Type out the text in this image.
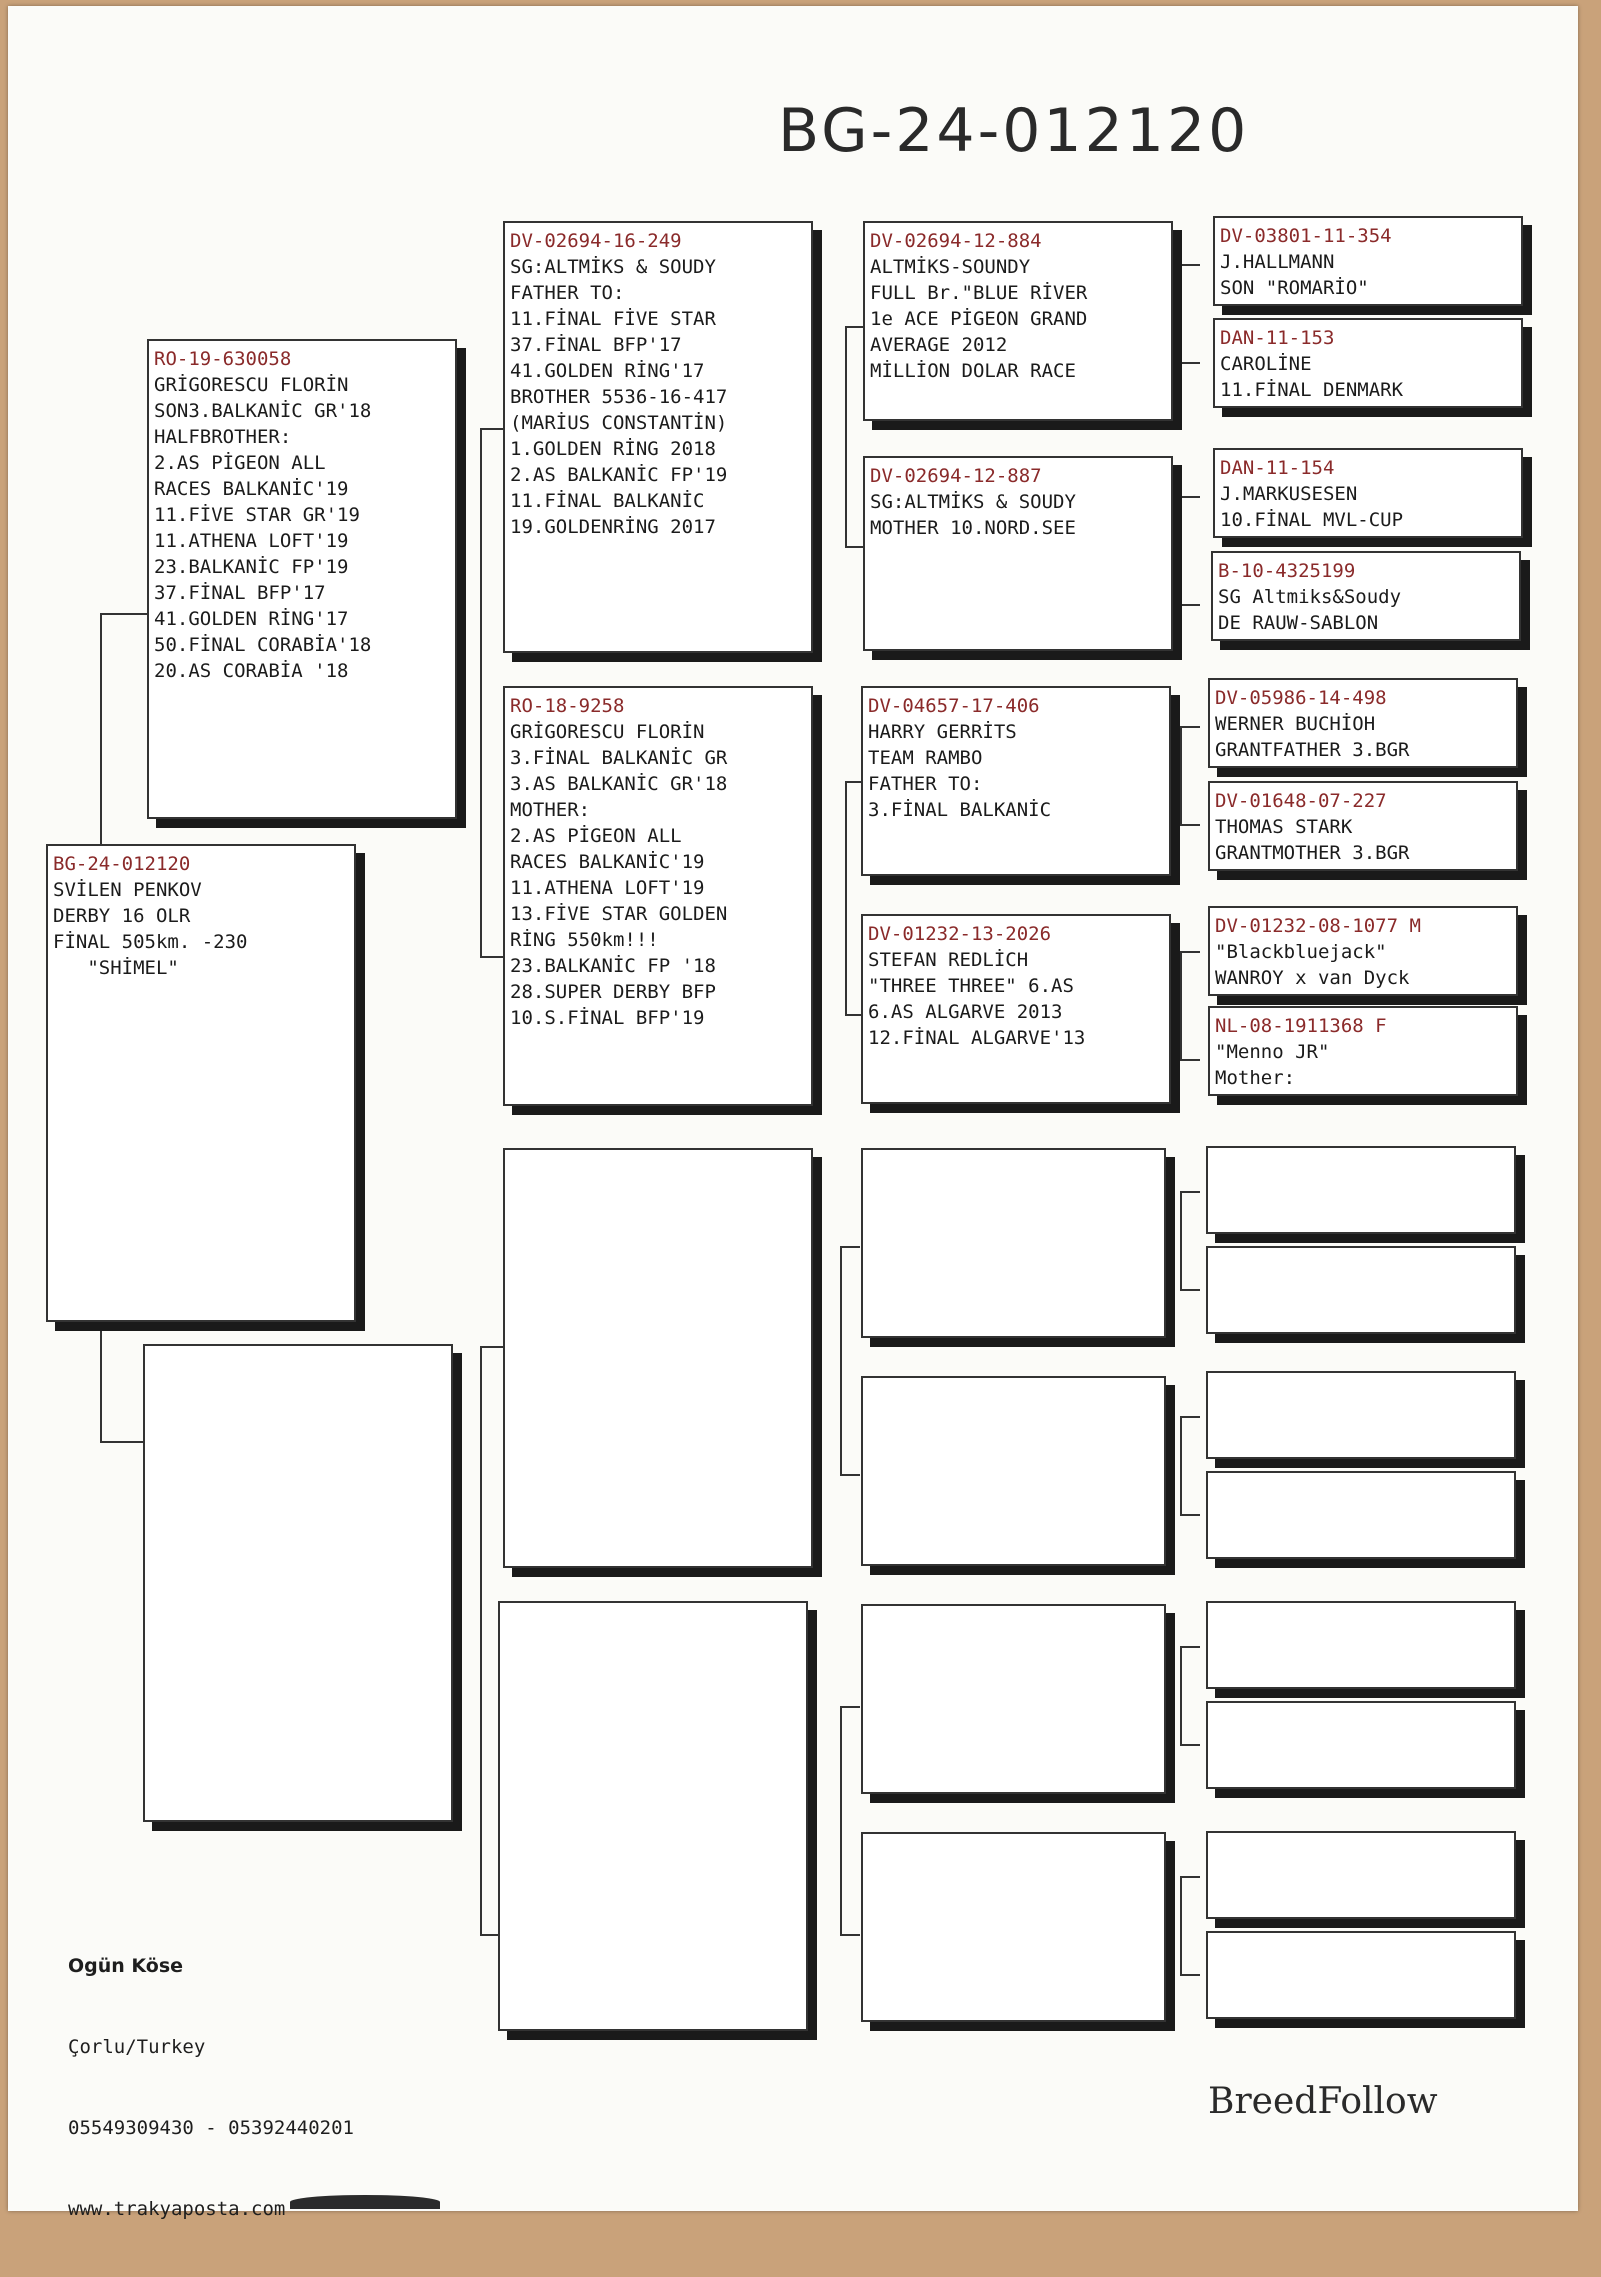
BG-24-012120
BG-24-012120
SVİLEN PENKOV
DERBY 16 OLR
FİNAL 505km. -230
"SHİMEL"
RO-19-630058
GRİGORESCU FLORİN
SON3.BALKANİC GR'18
HALFBROTHER:
2.AS PİGEON ALL
RACES BALKANİC'19
11.FİVE STAR GR'19
11.ATHENA LOFT'19
23.BALKANİC FP'19
37.FİNAL BFP'17
41.GOLDEN RİNG'17
50.FİNAL CORABİA'18
20.AS CORABİA '18
DV-02694-16-249
SG:ALTMİKS & SOUDY
FATHER TO:
11.FİNAL FİVE STAR
37.FİNAL BFP'17
41.GOLDEN RİNG'17
BROTHER 5536-16-417
(MARİUS CONSTANTİN)
1.GOLDEN RİNG 2018
2.AS BALKANİC FP'19
11.FİNAL BALKANİC
19.GOLDENRİNG 2017
RO-18-9258
GRİGORESCU FLORİN
3.FİNAL BALKANİC GR
3.AS BALKANİC GR'18
MOTHER:
2.AS PİGEON ALL
RACES BALKANİC'19
11.ATHENA LOFT'19
13.FİVE STAR GOLDEN
RİNG 550km!!!
23.BALKANİC FP '18
28.SUPER DERBY BFP
10.S.FİNAL BFP'19
DV-02694-12-884
ALTMİKS-SOUNDY
FULL Br."BLUE RİVER
1e ACE PİGEON GRAND
AVERAGE 2012
MİLLİON DOLAR RACE
DV-02694-12-887
SG:ALTMİKS & SOUDY
MOTHER 10.NORD.SEE
DV-04657-17-406
HARRY GERRİTS
TEAM RAMBO
FATHER TO:
3.FİNAL BALKANİC
DV-01232-13-2026
STEFAN REDLİCH
"THREE THREE" 6.AS
6.AS ALGARVE 2013
12.FİNAL ALGARVE'13
DV-03801-11-354
J.HALLMANN
SON "ROMARİO"
DAN-11-153
CAROLİNE
11.FİNAL DENMARK
DAN-11-154
J.MARKUSESEN
10.FİNAL MVL-CUP
B-10-4325199
SG Altmiks&Soudy
DE RAUW-SABLON
DV-05986-14-498
WERNER BUCHİOH
GRANTFATHER 3.BGR
DV-01648-07-227
THOMAS STARK
GRANTMOTHER 3.BGR
DV-01232-08-1077 M
"Blackbluejack"
WANROY x van Dyck
NL-08-1911368 F
"Menno JR"
Mother:

Ogün Köse

Çorlu/Turkey

05549309430 - 05392440201

www.trakyaposta.com

BreedFollow
